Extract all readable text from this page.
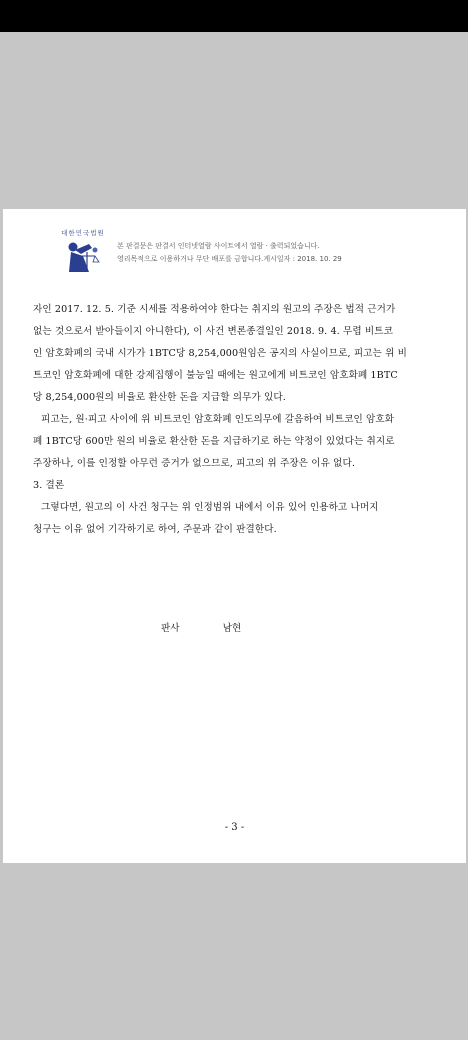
대한민국법원
본 판결문은 판결서 인터넷열람 사이트에서 열람 · 출력되었습니다.
영리목적으로 이용하거나 무단 배포를 금합니다.게시일자 : 2018. 10. 29
자인 2017. 12. 5. 기준 시세를 적용하여야 한다는 취지의 원고의 주장은 법적 근거가
없는 것으로서 받아들이지 아니한다), 이 사건 변론종결일인 2018. 9. 4. 무렵 비트코
인 암호화폐의 국내 시가가 1BTC당 8,254,000원임은 공지의 사실이므로, 피고는 위 비
트코인 암호화폐에 대한 강제집행이 불능일 때에는 원고에게 비트코인 암호화폐 1BTC
당 8,254,000원의 비율로 환산한 돈을 지급할 의무가 있다.
피고는, 원·피고 사이에 위 비트코인 암호화폐 인도의무에 갈음하여 비트코인 암호화
폐 1BTC당 600만 원의 비율로 환산한 돈을 지급하기로 하는 약정이 있었다는 취지로
주장하나, 이를 인정할 아무런 증거가 없으므로, 피고의 위 주장은 이유 없다.
3. 결론
그렇다면, 원고의 이 사건 청구는 위 인정범위 내에서 이유 있어 인용하고 나머지
청구는 이유 없어 기각하기로 하여, 주문과 같이 판결한다.
판사	남현
- 3 -
